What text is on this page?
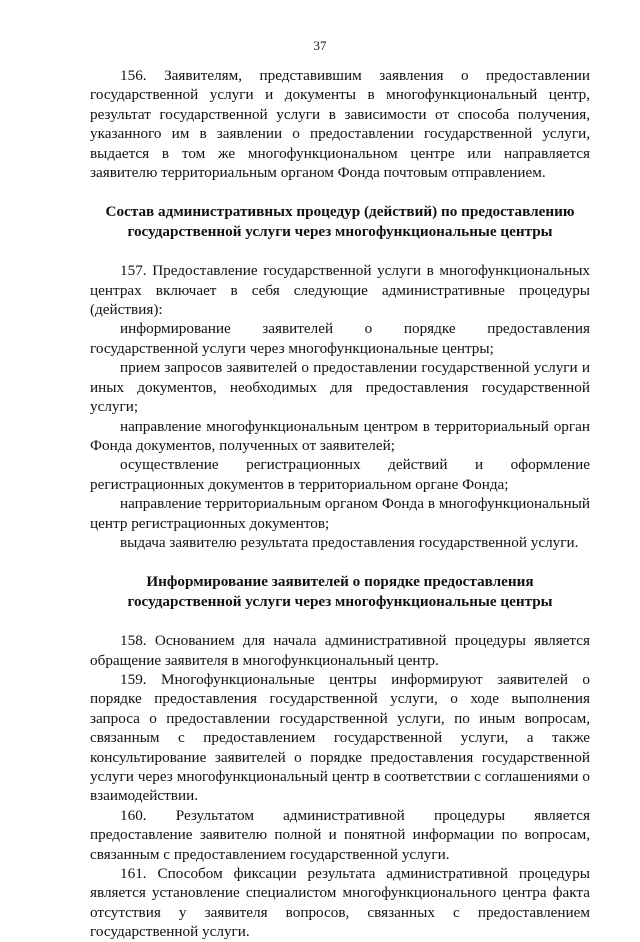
37

156. Заявителям, представившим заявления о предоставлении государственной услуги и документы в многофункциональный центр, результат государственной услуги в зависимости от способа получения, указанного им в заявлении о предоставлении государственной услуги, выдается в том же многофункциональном центре или направляется заявителю территориальным органом Фонда почтовым отправлением.

Состав административных процедур (действий) по предоставлению
государственной услуги через многофункциональные центры

157. Предоставление государственной услуги в многофункциональных центрах включает в себя следующие административные процедуры (действия):

информирование заявителей о порядке предоставления государственной услуги через многофункциональные центры;

прием запросов заявителей о предоставлении государственной услуги и иных документов, необходимых для предоставления государственной услуги;

направление многофункциональным центром в территориальный орган Фонда документов, полученных от заявителей;

осуществление регистрационных действий и оформление регистрационных документов в территориальном органе Фонда;

направление территориальным органом Фонда в многофункциональный центр регистрационных документов;

выдача заявителю результата предоставления государственной услуги.

Информирование заявителей о порядке предоставления
государственной услуги через многофункциональные центры

158. Основанием для начала административной процедуры является обращение заявителя в многофункциональный центр.

159. Многофункциональные центры информируют заявителей о порядке предоставления государственной услуги, о ходе выполнения запроса о предоставлении государственной услуги, по иным вопросам, связанным с предоставлением государственной услуги, а также консультирование заявителей о порядке предоставления государственной услуги через многофункциональный центр в соответствии с соглашениями о взаимодействии.

160. Результатом административной процедуры является предоставление заявителю полной и понятной информации по вопросам, связанным с предоставлением государственной услуги.

161. Способом фиксации результата административной процедуры является установление специалистом многофункционального центра факта отсутствия у заявителя вопросов, связанных с предоставлением государственной услуги.
